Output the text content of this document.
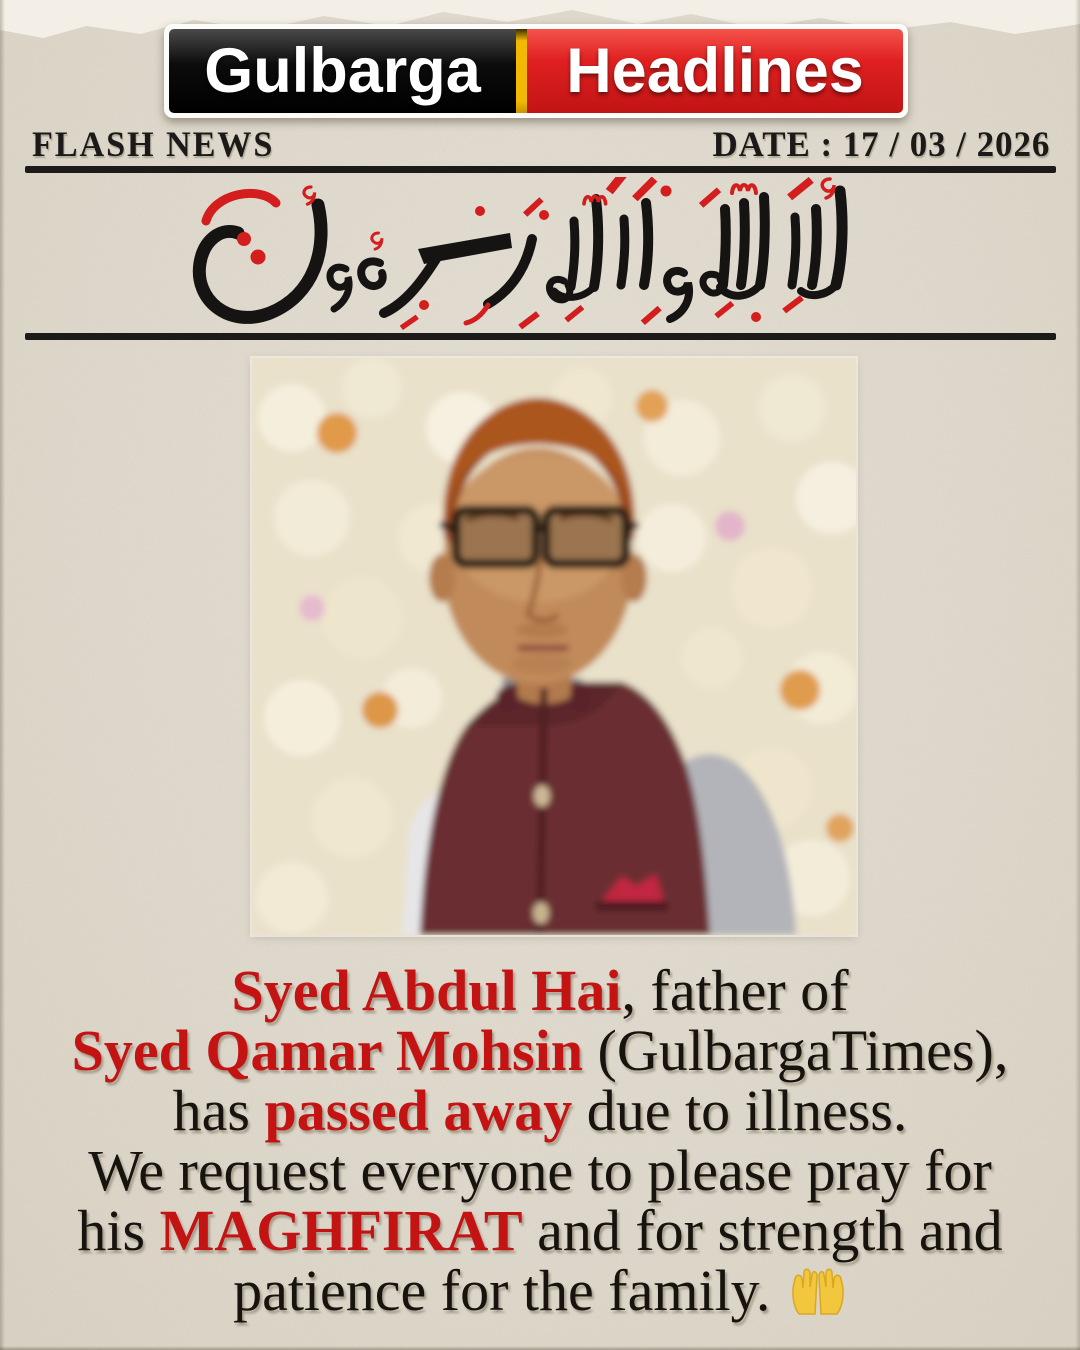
Gulbarga Headlines
FLASH NEWS	DATE : 17 / 03 / 2026
Syed Abdul Hai, father of
Syed Qamar Mohsin (GulbargaTimes),
has passed away due to illness.
We request everyone to please pray for
his MAGHFIRAT and for strength and
patience for the family.
